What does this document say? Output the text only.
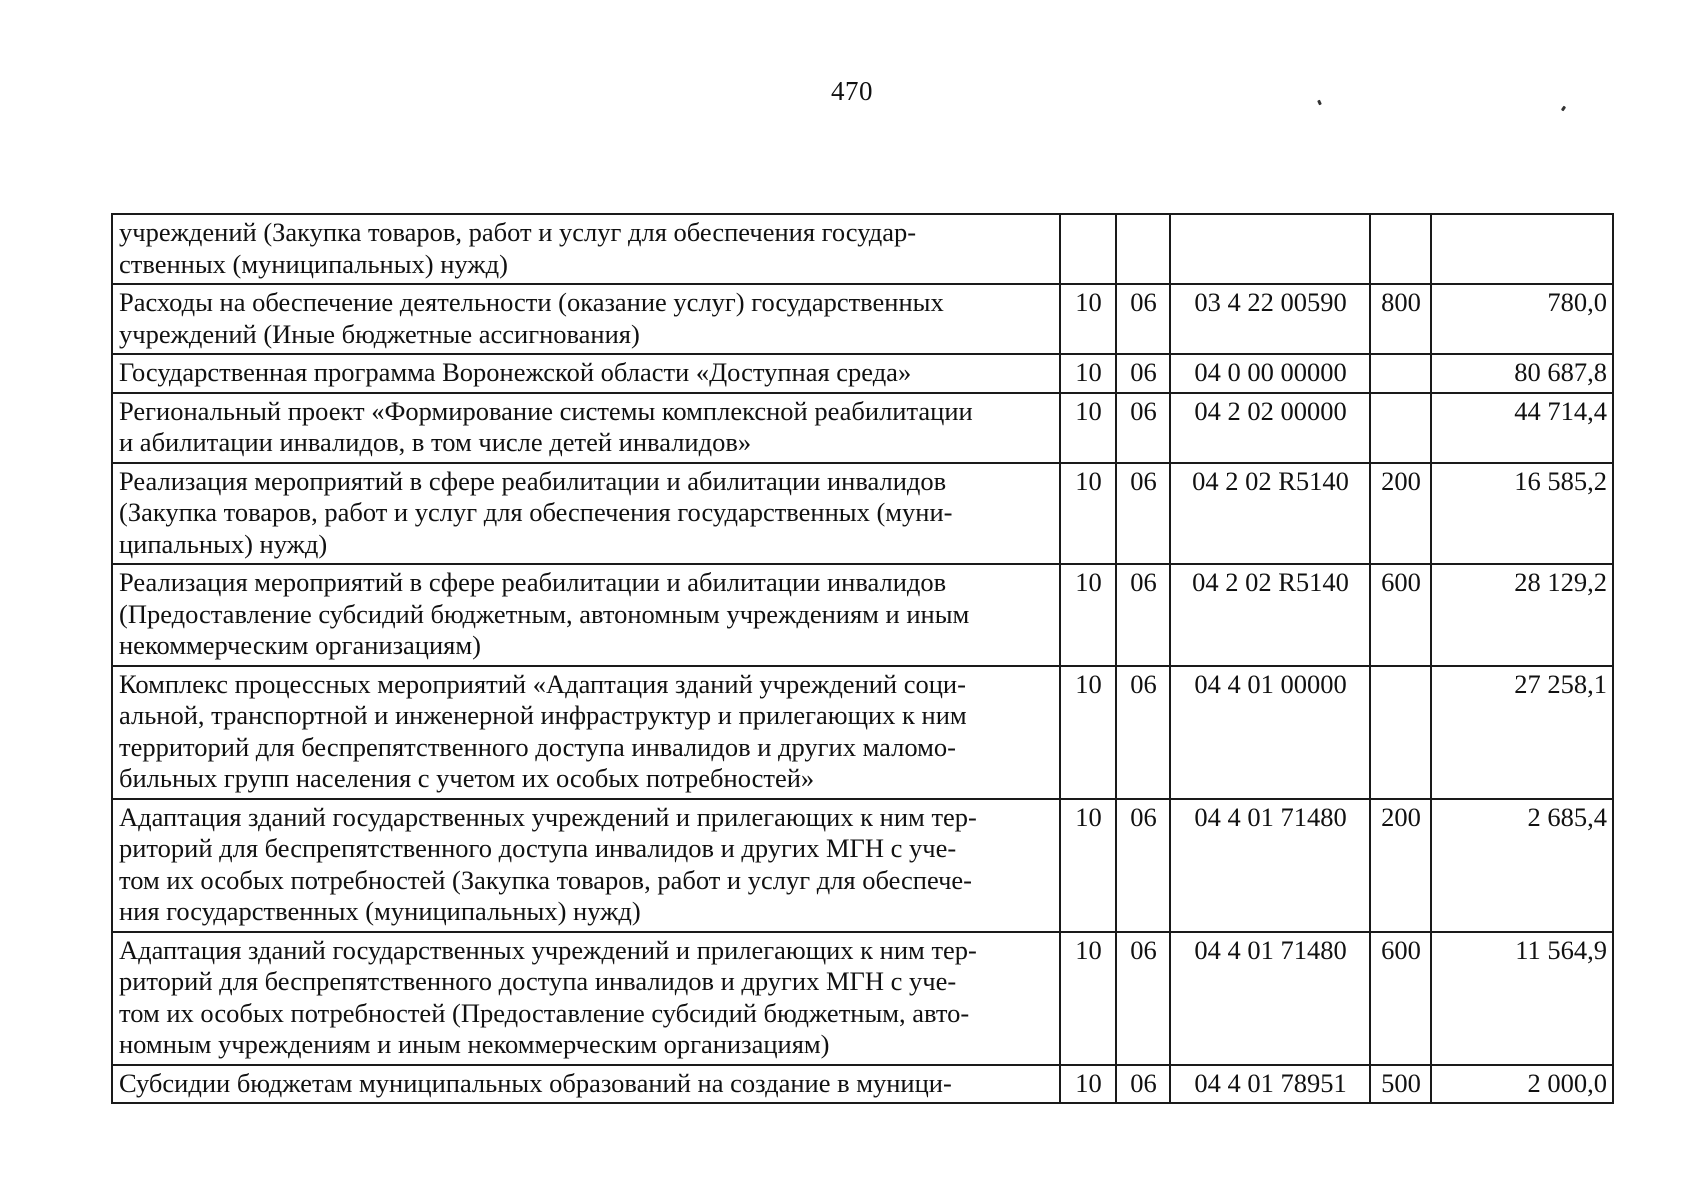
470
учреждений (Закупка товаров, работ и услуг для обеспечения государ-
ственных (муниципальных) нужд)					

Расходы на обеспечение деятельности (оказание услуг) государственных
учреждений (Иные бюджетные ассигнования)	10	06	03 4 22 00590	800	780,0

Государственная программа Воронежской области «Доступная среда»	10	06	04 0 00 00000		80 687,8

Региональный проект «Формирование системы комплексной реабилитации
и абилитации инвалидов, в том числе детей инвалидов»	10	06	04 2 02 00000		44 714,4

Реализация мероприятий в сфере реабилитации и абилитации инвалидов
(Закупка товаров, работ и услуг для обеспечения государственных (муни-
ципальных) нужд)	10	06	04 2 02 R5140	200	16 585,2

Реализация мероприятий в сфере реабилитации и абилитации инвалидов
(Предоставление субсидий бюджетным, автономным учреждениям и иным
некоммерческим организациям)	10	06	04 2 02 R5140	600	28 129,2

Комплекс процессных мероприятий «Адаптация зданий учреждений соци-
альной, транспортной и инженерной инфраструктур и прилегающих к ним
территорий для беспрепятственного доступа инвалидов и других маломо-
бильных групп населения с учетом их особых потребностей»	10	06	04 4 01 00000		27 258,1

Адаптация зданий государственных учреждений и прилегающих к ним тер-
риторий для беспрепятственного доступа инвалидов и других МГН с уче-
том их особых потребностей (Закупка товаров, работ и услуг для обеспече-
ния государственных (муниципальных) нужд)	10	06	04 4 01 71480	200	2 685,4

Адаптация зданий государственных учреждений и прилегающих к ним тер-
риторий для беспрепятственного доступа инвалидов и других МГН с уче-
том их особых потребностей (Предоставление субсидий бюджетным, авто-
номным учреждениям и иным некоммерческим организациям)	10	06	04 4 01 71480	600	11 564,9

Субсидии бюджетам муниципальных образований на создание в муници-	10	06	04 4 01 78951	500	2 000,0
